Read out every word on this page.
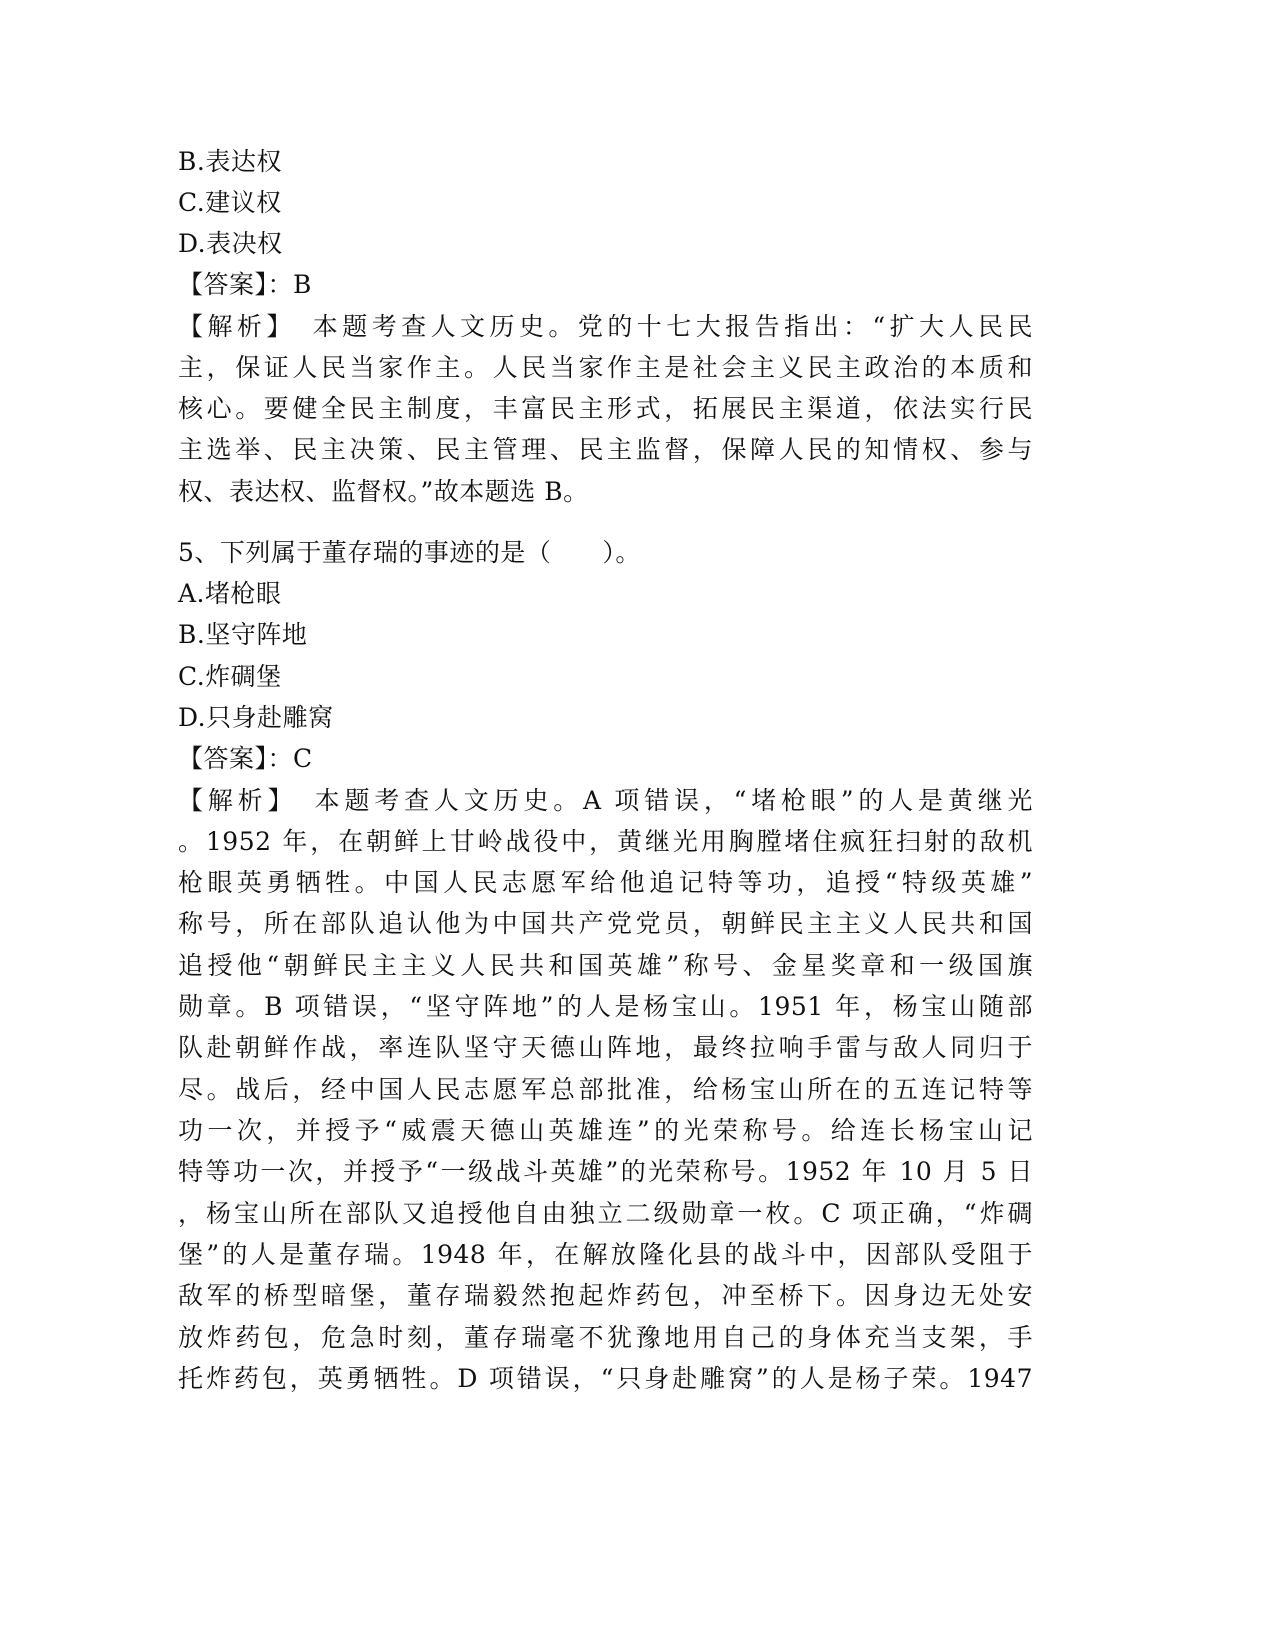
B.表达权
C.建议权
D.表决权
【答案】：B
【解析】　本题考查人文历史。党的十七大报告指出：“扩大人民民
主，保证人民当家作主。人民当家作主是社会主义民主政治的本质和
核心。要健全民主制度，丰富民主形式，拓展民主渠道，依法实行民
主选举、民主决策、民主管理、民主监督，保障人民的知情权、参与
权、表达权、监督权。”故本题选 B。
5、下列属于董存瑞的事迹的是（　　）。
A.堵枪眼
B.坚守阵地
C.炸碉堡
D.只身赴雕窝
【答案】：C
【解析】　本题考查人文历史。A 项错误，“堵枪眼”的人是黄继光
。1952 年，在朝鲜上甘岭战役中，黄继光用胸膛堵住疯狂扫射的敌机
枪眼英勇牺牲。中国人民志愿军给他追记特等功，追授“特级英雄”
称号，所在部队追认他为中国共产党党员，朝鲜民主主义人民共和国
追授他“朝鲜民主主义人民共和国英雄”称号、金星奖章和一级国旗
勋章。B 项错误，“坚守阵地”的人是杨宝山。1951 年，杨宝山随部
队赴朝鲜作战，率连队坚守天德山阵地，最终拉响手雷与敌人同归于
尽。战后，经中国人民志愿军总部批准，给杨宝山所在的五连记特等
功一次，并授予“威震天德山英雄连”的光荣称号。给连长杨宝山记
特等功一次，并授予“一级战斗英雄”的光荣称号。1952 年 10 月 5 日
，杨宝山所在部队又追授他自由独立二级勋章一枚。C 项正确，“炸碉
堡”的人是董存瑞。1948 年，在解放隆化县的战斗中，因部队受阻于
敌军的桥型暗堡，董存瑞毅然抱起炸药包，冲至桥下。因身边无处安
放炸药包，危急时刻，董存瑞毫不犹豫地用自己的身体充当支架，手
托炸药包，英勇牺牲。D 项错误，“只身赴雕窝”的人是杨子荣。1947
